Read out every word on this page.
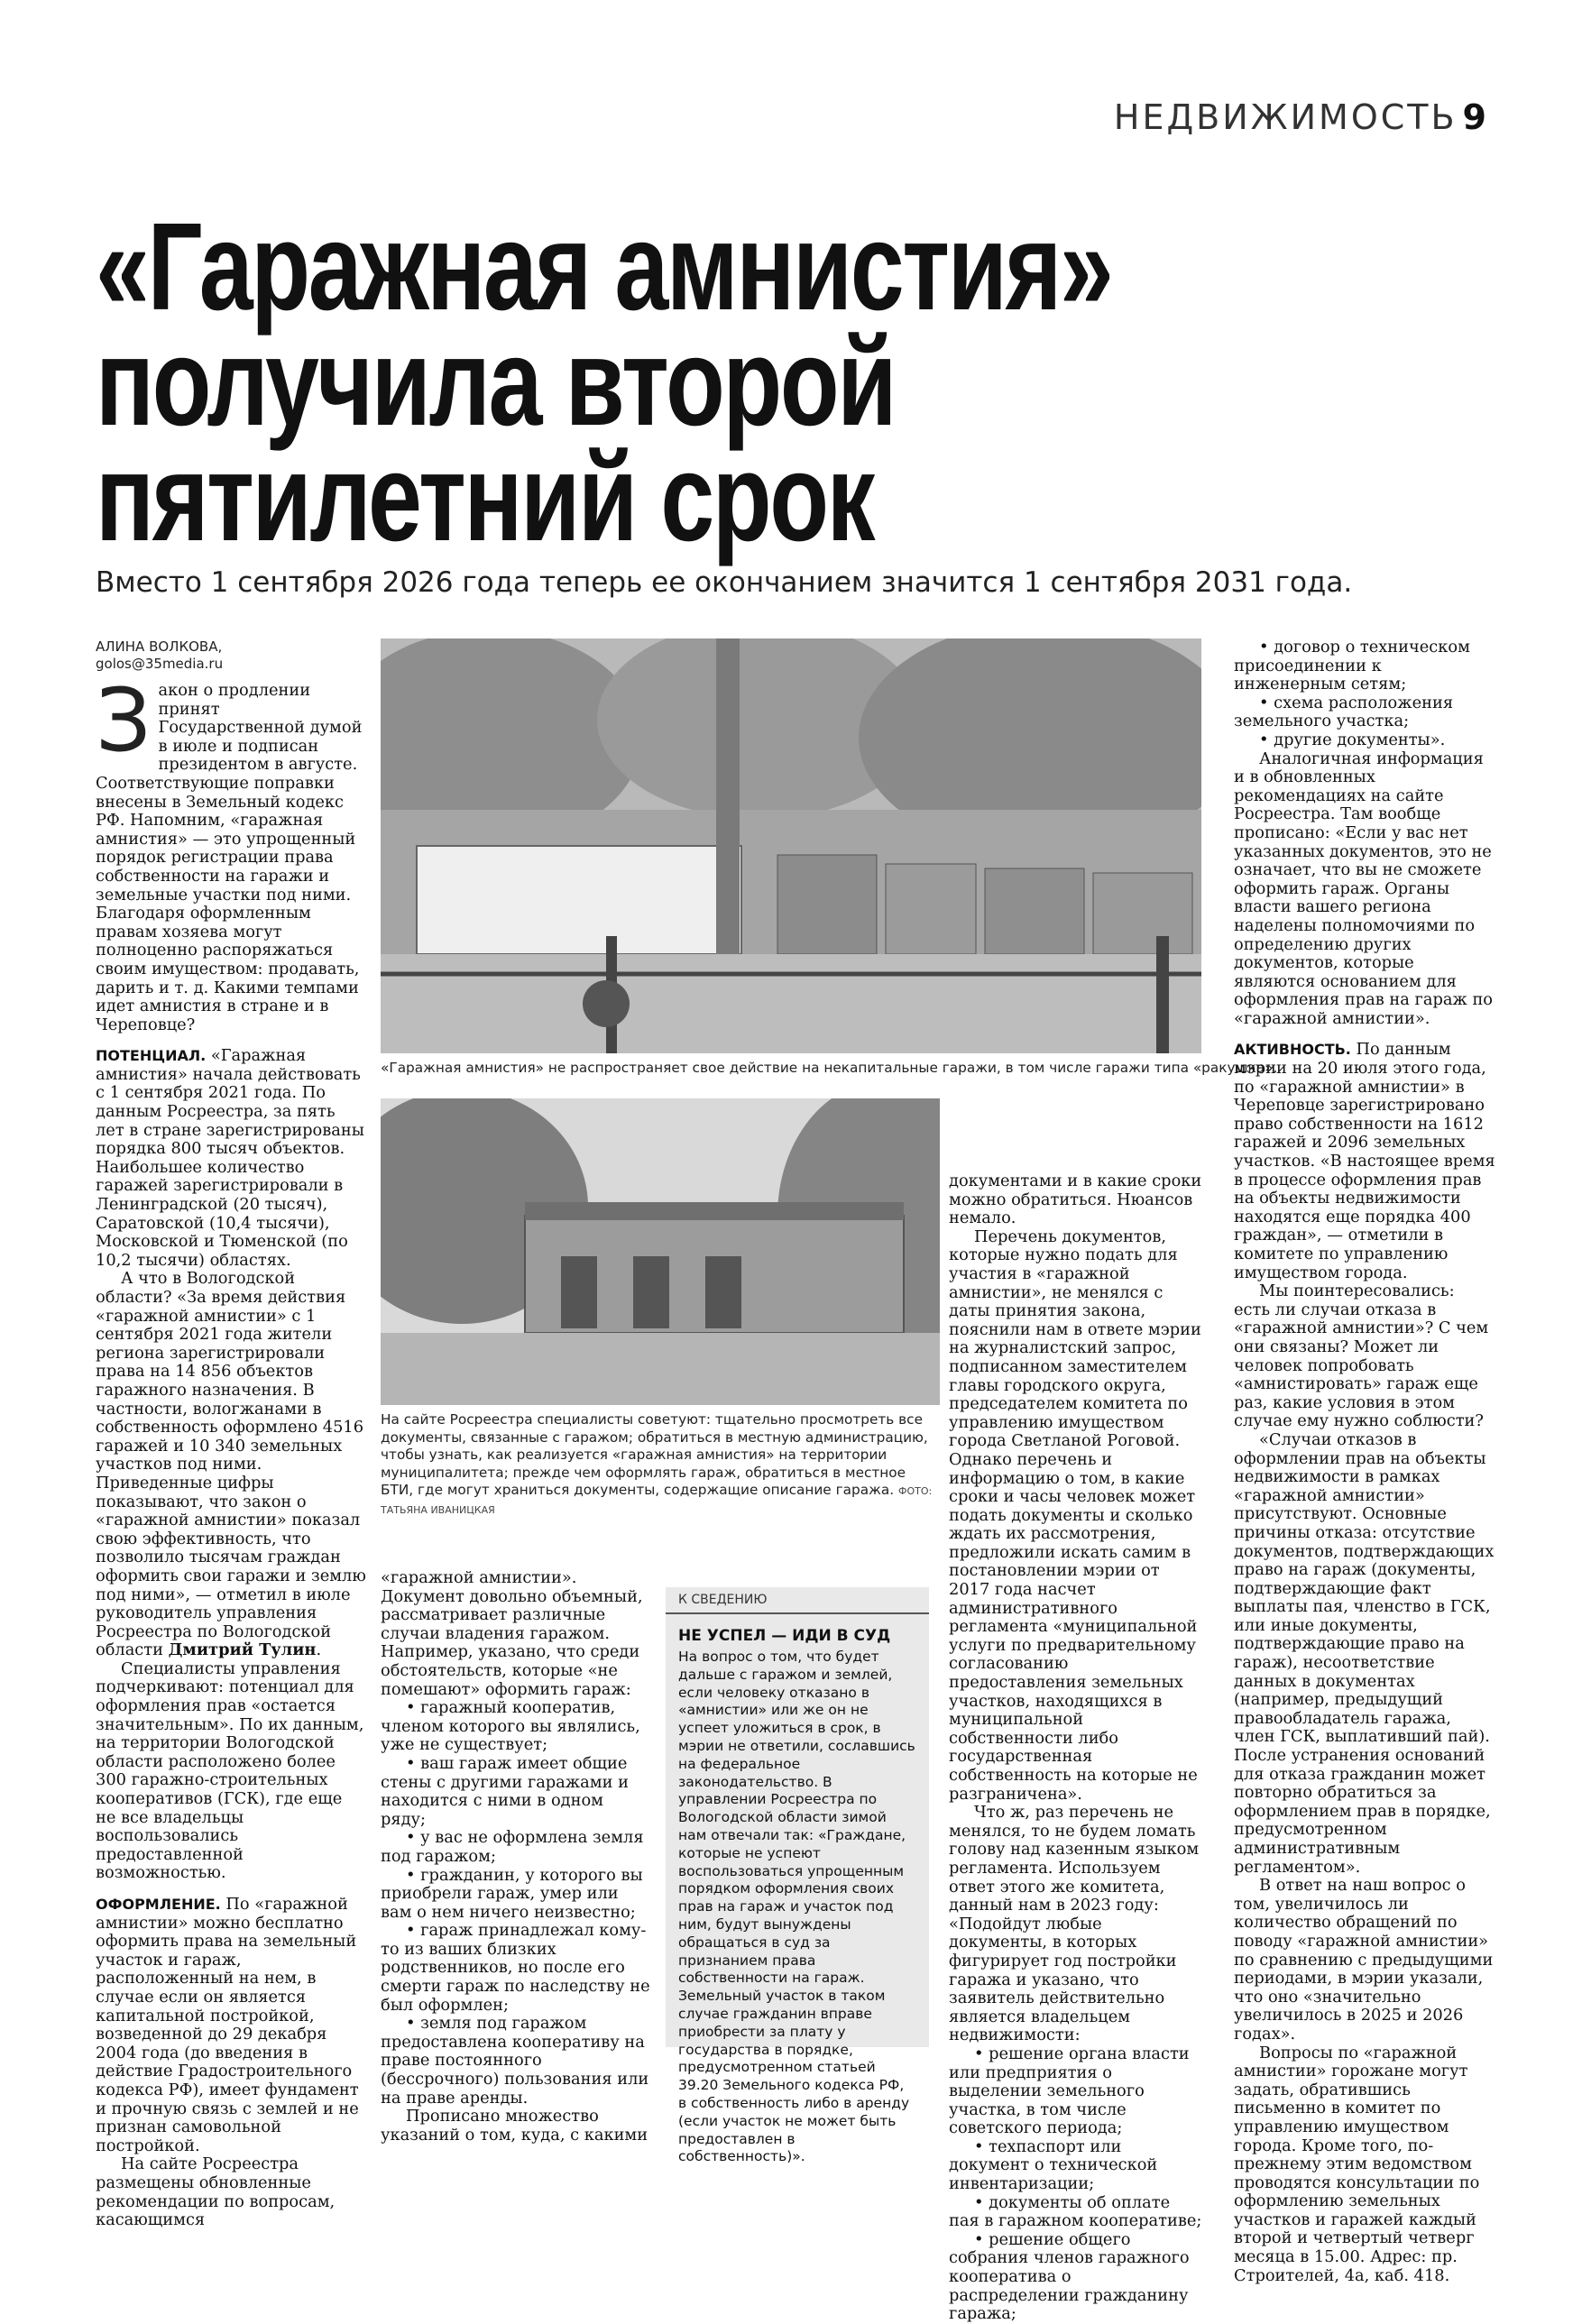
НЕДВИЖИМОСТЬ 9
«Гаражная амнистия»
получила второй
пятилетний срок
Вместо 1 сентября 2026 года теперь ее окончанием значится 1 сентября 2031 года.
АЛИНА ВОЛКОВА,
golos@35media.ru

Закон о продлении принят Государственной думой в июле и подписан президентом в августе. Соответствующие поправки внесены в Земельный кодекс РФ. Напомним, «гаражная амнистия» — это упрощенный порядок регистрации права собственности на гаражи и земельные участки под ними. Благодаря оформленным правам хозяева могут полноценно распоряжаться своим имуществом: продавать, дарить и т. д. Какими темпами идет амнистия в стране и в Череповце?

ПОТЕНЦИАЛ. «Гаражная амнистия» начала действовать с 1 сентября 2021 года. По данным Росреестра, за пять лет в стране зарегистрированы порядка 800 тысяч объектов. Наибольшее количество гаражей зарегистрировали в Ленинградской (20 тысяч), Саратовской (10,4 тысячи), Московской и Тюменской (по 10,2 тысячи) областях.

А что в Вологодской области? «За время действия «гаражной амнистии» с 1 сентября 2021 года жители региона зарегистрировали права на 14 856 объектов гаражного назначения. В частности, вологжанами в собственность оформлено 4516 гаражей и 10 340 земельных участков под ними. Приведенные цифры показывают, что закон о «гаражной амнистии» показал свою эффективность, что позволило тысячам граждан оформить свои гаражи и землю под ними», — отметил в июле руководитель управления Росреестра по Вологодской области Дмитрий Тулин.

Специалисты управления подчеркивают: потенциал для оформления прав «остается значительным». По их данным, на территории Вологодской области расположено более 300 гаражно-строительных кооперативов (ГСК), где еще не все владельцы воспользовались предоставленной возможностью.

ОФОРМЛЕНИЕ. По «гаражной амнистии» можно бесплатно оформить права на земельный участок и гараж, расположенный на нем, в случае если он является капитальной постройкой, возведенной до 29 декабря 2004 года (до введения в действие Градостроительного кодекса РФ), имеет фундамент и прочную связь с землей и не признан самовольной постройкой.

На сайте Росреестра размещены обновленные рекомендации по вопросам, касающимся

«Гаражная амнистия» не распространяет свое действие на некапитальные гаражи, в том числе гаражи типа «ракушка».
На сайте Росреестра специалисты советуют: тщательно просмотреть все документы, связанные с гаражом; обратиться в местную администрацию, чтобы узнать, как реализуется «гаражная амнистия» на территории муниципалитета; прежде чем оформлять гараж, обратиться в местное БТИ, где могут храниться документы, содержащие описание гаража. ФОТО: ТАТЬЯНА ИВАНИЦКАЯ

«гаражной амнистии». Документ довольно объемный, рассматривает различные случаи владения гаражом. Например, указано, что среди обстоятельств, которые «не помешают» оформить гараж:

• гаражный кооператив, членом которого вы являлись, уже не существует;

• ваш гараж имеет общие стены с другими гаражами и находится с ними в одном ряду;

• у вас не оформлена земля под гаражом;

• гражданин, у которого вы приобрели гараж, умер или вам о нем ничего неизвестно;

• гараж принадлежал кому-то из ваших близких родственников, но после его смерти гараж по наследству не был оформлен;

• земля под гаражом предоставлена кооперативу на праве постоянного (бессрочного) пользования или на праве аренды.

Прописано множество указаний о том, куда, с какими

К СВЕДЕНИЮ
НЕ УСПЕЛ — ИДИ В СУД
На вопрос о том, что будет дальше с гаражом и землей, если человеку отказано в «амнистии» или же он не успеет уложиться в срок, в мэрии не ответили, сославшись на федеральное законодательство. В управлении Росреестра по Вологодской области зимой нам отвечали так: «Граждане, которые не успеют воспользоваться упрощенным порядком оформления своих прав на гараж и участок под ним, будут вынуждены обращаться в суд за признанием права собственности на гараж. Земельный участок в таком случае гражданин вправе приобрести за плату у государства в порядке, предусмотренном статьей 39.20 Земельного кодекса РФ, в собственность либо в аренду (если участок не может быть предоставлен в собственность)».

документами и в какие сроки можно обратиться. Нюансов немало.

Перечень документов, которые нужно подать для участия в «гаражной амнистии», не менялся с даты принятия закона, пояснили нам в ответе мэрии на журналистский запрос, подписанном заместителем главы городского округа, председателем комитета по управлению имуществом города Светланой Роговой. Однако перечень и информацию о том, в какие сроки и часы человек может подать документы и сколько ждать их рассмотрения, предложили искать самим в постановлении мэрии от 2017 года насчет административного регламента «муниципальной услуги по предварительному согласованию предоставления земельных участков, находящихся в муниципальной собственности либо государственная собственность на которые не разграничена».

Что ж, раз перечень не менялся, то не будем ломать голову над казенным языком регламента. Используем ответ этого же комитета, данный нам в 2023 году: «Подойдут любые документы, в которых фигурирует год постройки гаража и указано, что заявитель действительно является владельцем недвижимости:

• решение органа власти или предприятия о выделении земельного участка, в том числе советского периода;

• техпаспорт или документ о технической инвентаризации;

• документы об оплате пая в гаражном кооперативе;

• решение общего собрания членов гаражного кооператива о распределении гражданину гаража;

• договор о техническом присоединении к инженерным сетям;

• схема расположения земельного участка;

• другие документы».

Аналогичная информация и в обновленных рекомендациях на сайте Росреестра. Там вообще прописано: «Если у вас нет указанных документов, это не означает, что вы не сможете оформить гараж. Органы власти вашего региона наделены полномочиями по определению других документов, которые являются основанием для оформления прав на гараж по «гаражной амнистии».

АКТИВНОСТЬ. По данным мэрии на 20 июля этого года, по «гаражной амнистии» в Череповце зарегистрировано право собственности на 1612 гаражей и 2096 земельных участков. «В настоящее время в процессе оформления прав на объекты недвижимости находятся еще порядка 400 граждан», — отметили в комитете по управлению имуществом города.

Мы поинтересовались: есть ли случаи отказа в «гаражной амнистии»? С чем они связаны? Может ли человек попробовать «амнистировать» гараж еще раз, какие условия в этом случае ему нужно соблюсти?

«Случаи отказов в оформлении прав на объекты недвижимости в рамках «гаражной амнистии» присутствуют. Основные причины отказа: отсутствие документов, подтверждающих право на гараж (документы, подтверждающие факт выплаты пая, членство в ГСК, или иные документы, подтверждающие право на гараж), несоответствие данных в документах (например, предыдущий правообладатель гаража, член ГСК, выплативший пай). После устранения оснований для отказа гражданин может повторно обратиться за оформлением прав в порядке, предусмотренном административным регламентом».

В ответ на наш вопрос о том, увеличилось ли количество обращений по поводу «гаражной амнистии» по сравнению с предыдущими периодами, в мэрии указали, что оно «значительно увеличилось в 2025 и 2026 годах».

Вопросы по «гаражной амнистии» горожане могут задать, обратившись письменно в комитет по управлению имуществом города. Кроме того, по-прежнему этим ведомством проводятся консультации по оформлению земельных участков и гаражей каждый второй и четвертый четверг месяца в 15.00. Адрес: пр. Строителей, 4а, каб. 418.
